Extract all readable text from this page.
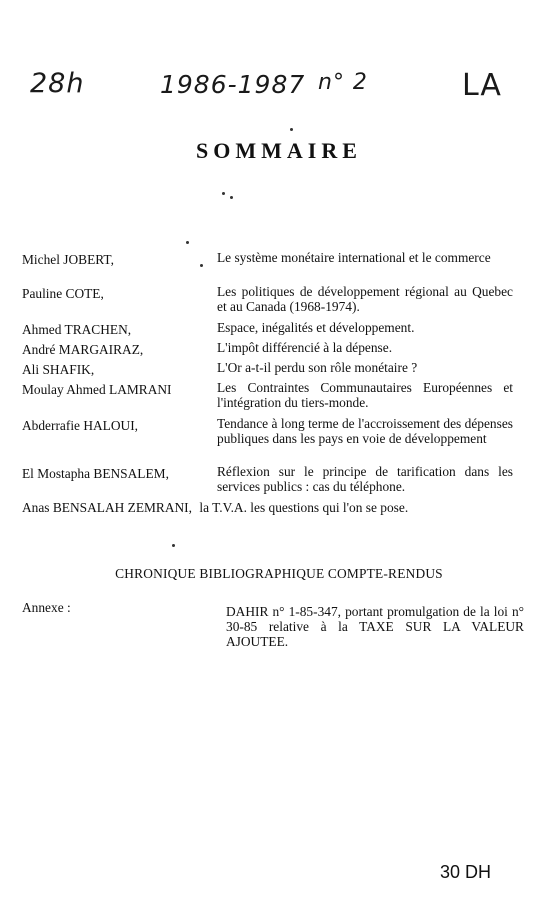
28h	1986-1987 n° 2	LA
SOMMAIRE
Michel JOBERT,	Le système monétaire international et le commerce
Pauline COTE,	Les politiques de développement régional au Quebec et au Canada (1968-1974).
Ahmed TRACHEN,	Espace, inégalités et développement.
André MARGAIRAZ,	L'impôt différencié à la dépense.
Ali SHAFIK,	L'Or a-t-il perdu son rôle monétaire ?
Moulay Ahmed LAMRANI	Les Contraintes Communautaires Européennes et l'intégration du tiers-monde.
Abderrafie HALOUI,	Tendance à long terme de l'accroissement des dépenses publiques dans les pays en voie de développement
El Mostapha BENSALEM,	Réflexion sur le principe de tarification dans les services publics : cas du téléphone.
Anas BENSALAH ZEMRANI, la T.V.A. les questions qui l'on se pose.
CHRONIQUE BIBLIOGRAPHIQUE COMPTE-RENDUS
Annexe :	DAHIR n° 1-85-347, portant promulgation de la loi n° 30-85 relative à la TAXE SUR LA VALEUR AJOUTEE.
30 DH
